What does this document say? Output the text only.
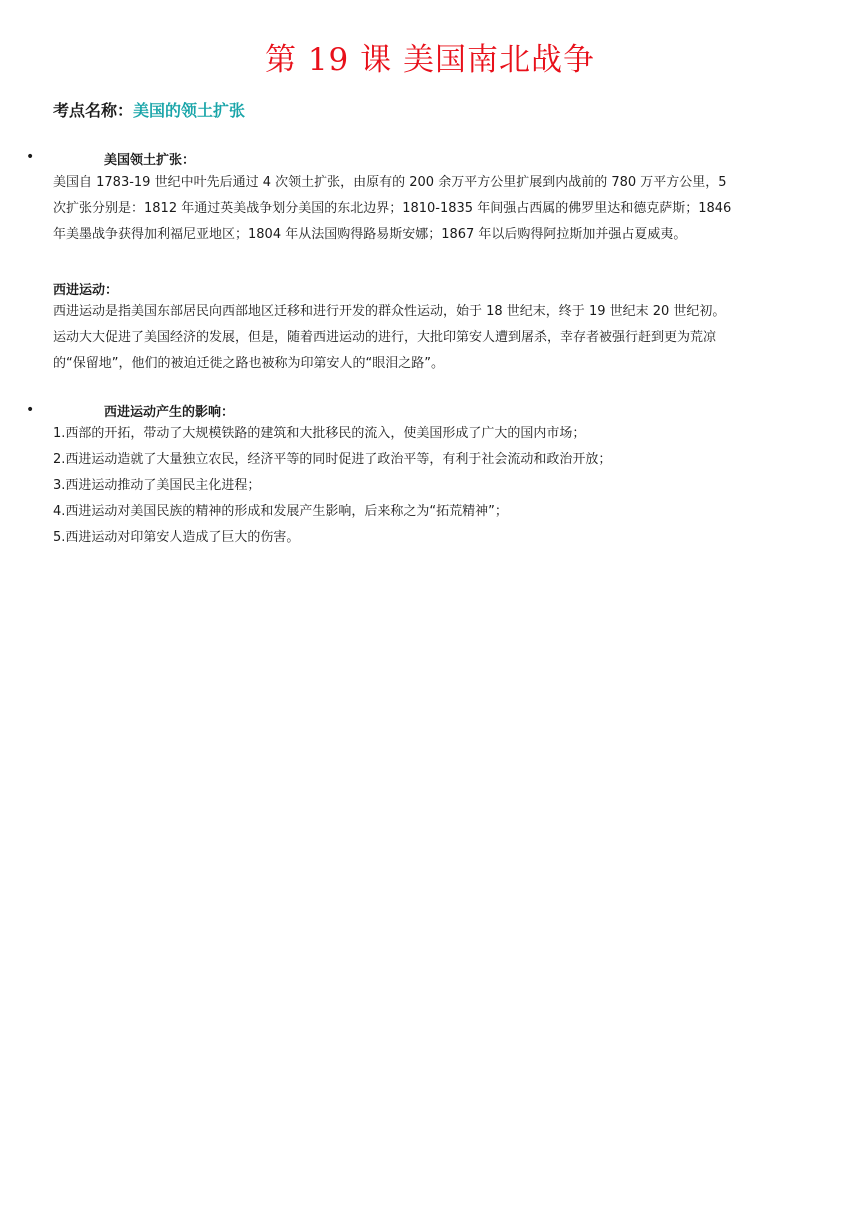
第 19 课 美国南北战争
考点名称：美国的领土扩张
•	美国领土扩张：

美国自 1783-19 世纪中叶先后通过 4 次领土扩张，由原有的 200 余万平方公里扩展到内战前的 780 万平方公里，5

次扩张分别是：1812 年通过英美战争划分美国的东北边界；1810-1835 年间强占西属的佛罗里达和德克萨斯；1846

年美墨战争获得加利福尼亚地区；1804 年从法国购得路易斯安娜；1867 年以后购得阿拉斯加并强占夏威夷。

西进运动：

西进运动是指美国东部居民向西部地区迁移和进行开发的群众性运动，始于 18 世纪末，终于 19 世纪末 20 世纪初。

运动大大促进了美国经济的发展，但是，随着西进运动的进行，大批印第安人遭到屠杀，幸存者被强行赶到更为荒凉

的“保留地”，他们的被迫迁徙之路也被称为印第安人的“眼泪之路”。

•	西进运动产生的影响：
1.西部的开拓，带动了大规模铁路的建筑和大批移民的流入，使美国形成了广大的国内市场；
2.西进运动造就了大量独立农民，经济平等的同时促进了政治平等，有利于社会流动和政治开放；
3.西进运动推动了美国民主化进程；
4.西进运动对美国民族的精神的形成和发展产生影响，后来称之为“拓荒精神”；
5.西进运动对印第安人造成了巨大的伤害。
